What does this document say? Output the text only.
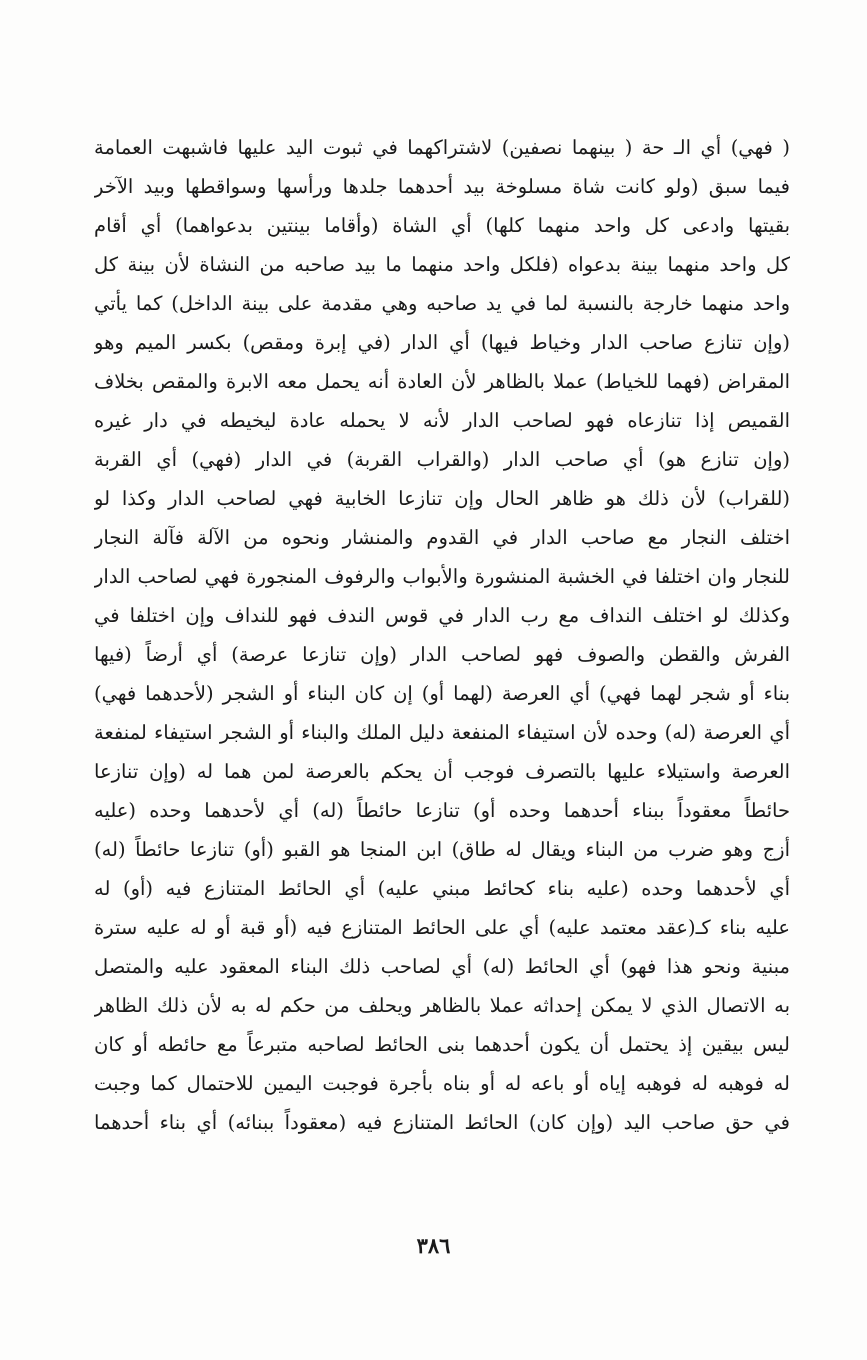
( فهي) أي الـ حة ( بينهما نصفين) لاشتراكهما في ثبوت اليد عليها فاشبهت العمامة
فيما سبق (ولو كانت شاة مسلوخة بيد أحدهما جلدها ورأسها وسواقطها وبيد الآخر
بقيتها وادعى كل واحد منهما كلها) أي الشاة (وأقاما بينتين بدعواهما) أي أقام
كل واحد منهما بينة بدعواه (فلكل واحد منهما ما بيد صاحبه من النشاة لأن بينة كل
واحد منهما خارجة بالنسبة لما في يد صاحبه وهي مقدمة على بينة الداخل) كما يأتي
(وإن تنازع صاحب الدار وخياط فيها) أي الدار (في إبرة ومقص) بكسر الميم وهو
المقراض (فهما للخياط) عملا بالظاهر لأن العادة أنه يحمل معه الابرة والمقص بخلاف
القميص إذا تنازعاه فهو لصاحب الدار لأنه لا يحمله عادة ليخيطه في دار غيره
(وإن تنازع هو) أي صاحب الدار (والقراب القربة) في الدار (فهي) أي القربة
(للقراب) لأن ذلك هو ظاهر الحال وإن تنازعا الخابية فهي لصاحب الدار وكذا لو
اختلف النجار مع صاحب الدار في القدوم والمنشار ونحوه من الآلة فآلة النجار
للنجار وان اختلفا في الخشبة المنشورة والأبواب والرفوف المنجورة فهي لصاحب الدار
وكذلك لو اختلف النداف مع رب الدار في قوس الندف فهو للنداف وإن اختلفا في
الفرش والقطن والصوف فهو لصاحب الدار (وإن تنازعا عرصة) أي أرضاً (فيها
بناء أو شجر لهما فهي) أي العرصة (لهما أو) إن كان البناء أو الشجر (لأحدهما فهي)
أي العرصة (له) وحده لأن استيفاء المنفعة دليل الملك والبناء أو الشجر استيفاء لمنفعة
العرصة واستيلاء عليها بالتصرف فوجب أن يحكم بالعرصة لمن هما له (وإن تنازعا
حائطاً معقوداً ببناء أحدهما وحده أو) تنازعا حائطاً (له) أي لأحدهما وحده (عليه
أزج وهو ضرب من البناء ويقال له طاق) ابن المنجا هو القبو (أو) تنازعا حائطاً (له)
أي لأحدهما وحده (عليه بناء كحائط مبني عليه) أي الحائط المتنازع فيه (أو) له
عليه بناء كـ(عقد معتمد عليه) أي على الحائط المتنازع فيه (أو قبة أو له عليه سترة
مبنية ونحو هذا فهو) أي الحائط (له) أي لصاحب ذلك البناء المعقود عليه والمتصل
به الاتصال الذي لا يمكن إحداثه عملا بالظاهر ويحلف من حكم له به لأن ذلك الظاهر
ليس بيقين إذ يحتمل أن يكون أحدهما بنى الحائط لصاحبه متبرعاً مع حائطه أو كان
له فوهبه له فوهبه إياه أو باعه له أو بناه بأجرة فوجبت اليمين للاحتمال كما وجبت
في حق صاحب اليد (وإن كان) الحائط المتنازع فيه (معقوداً ببنائه) أي بناء أحدهما
٣٨٦
